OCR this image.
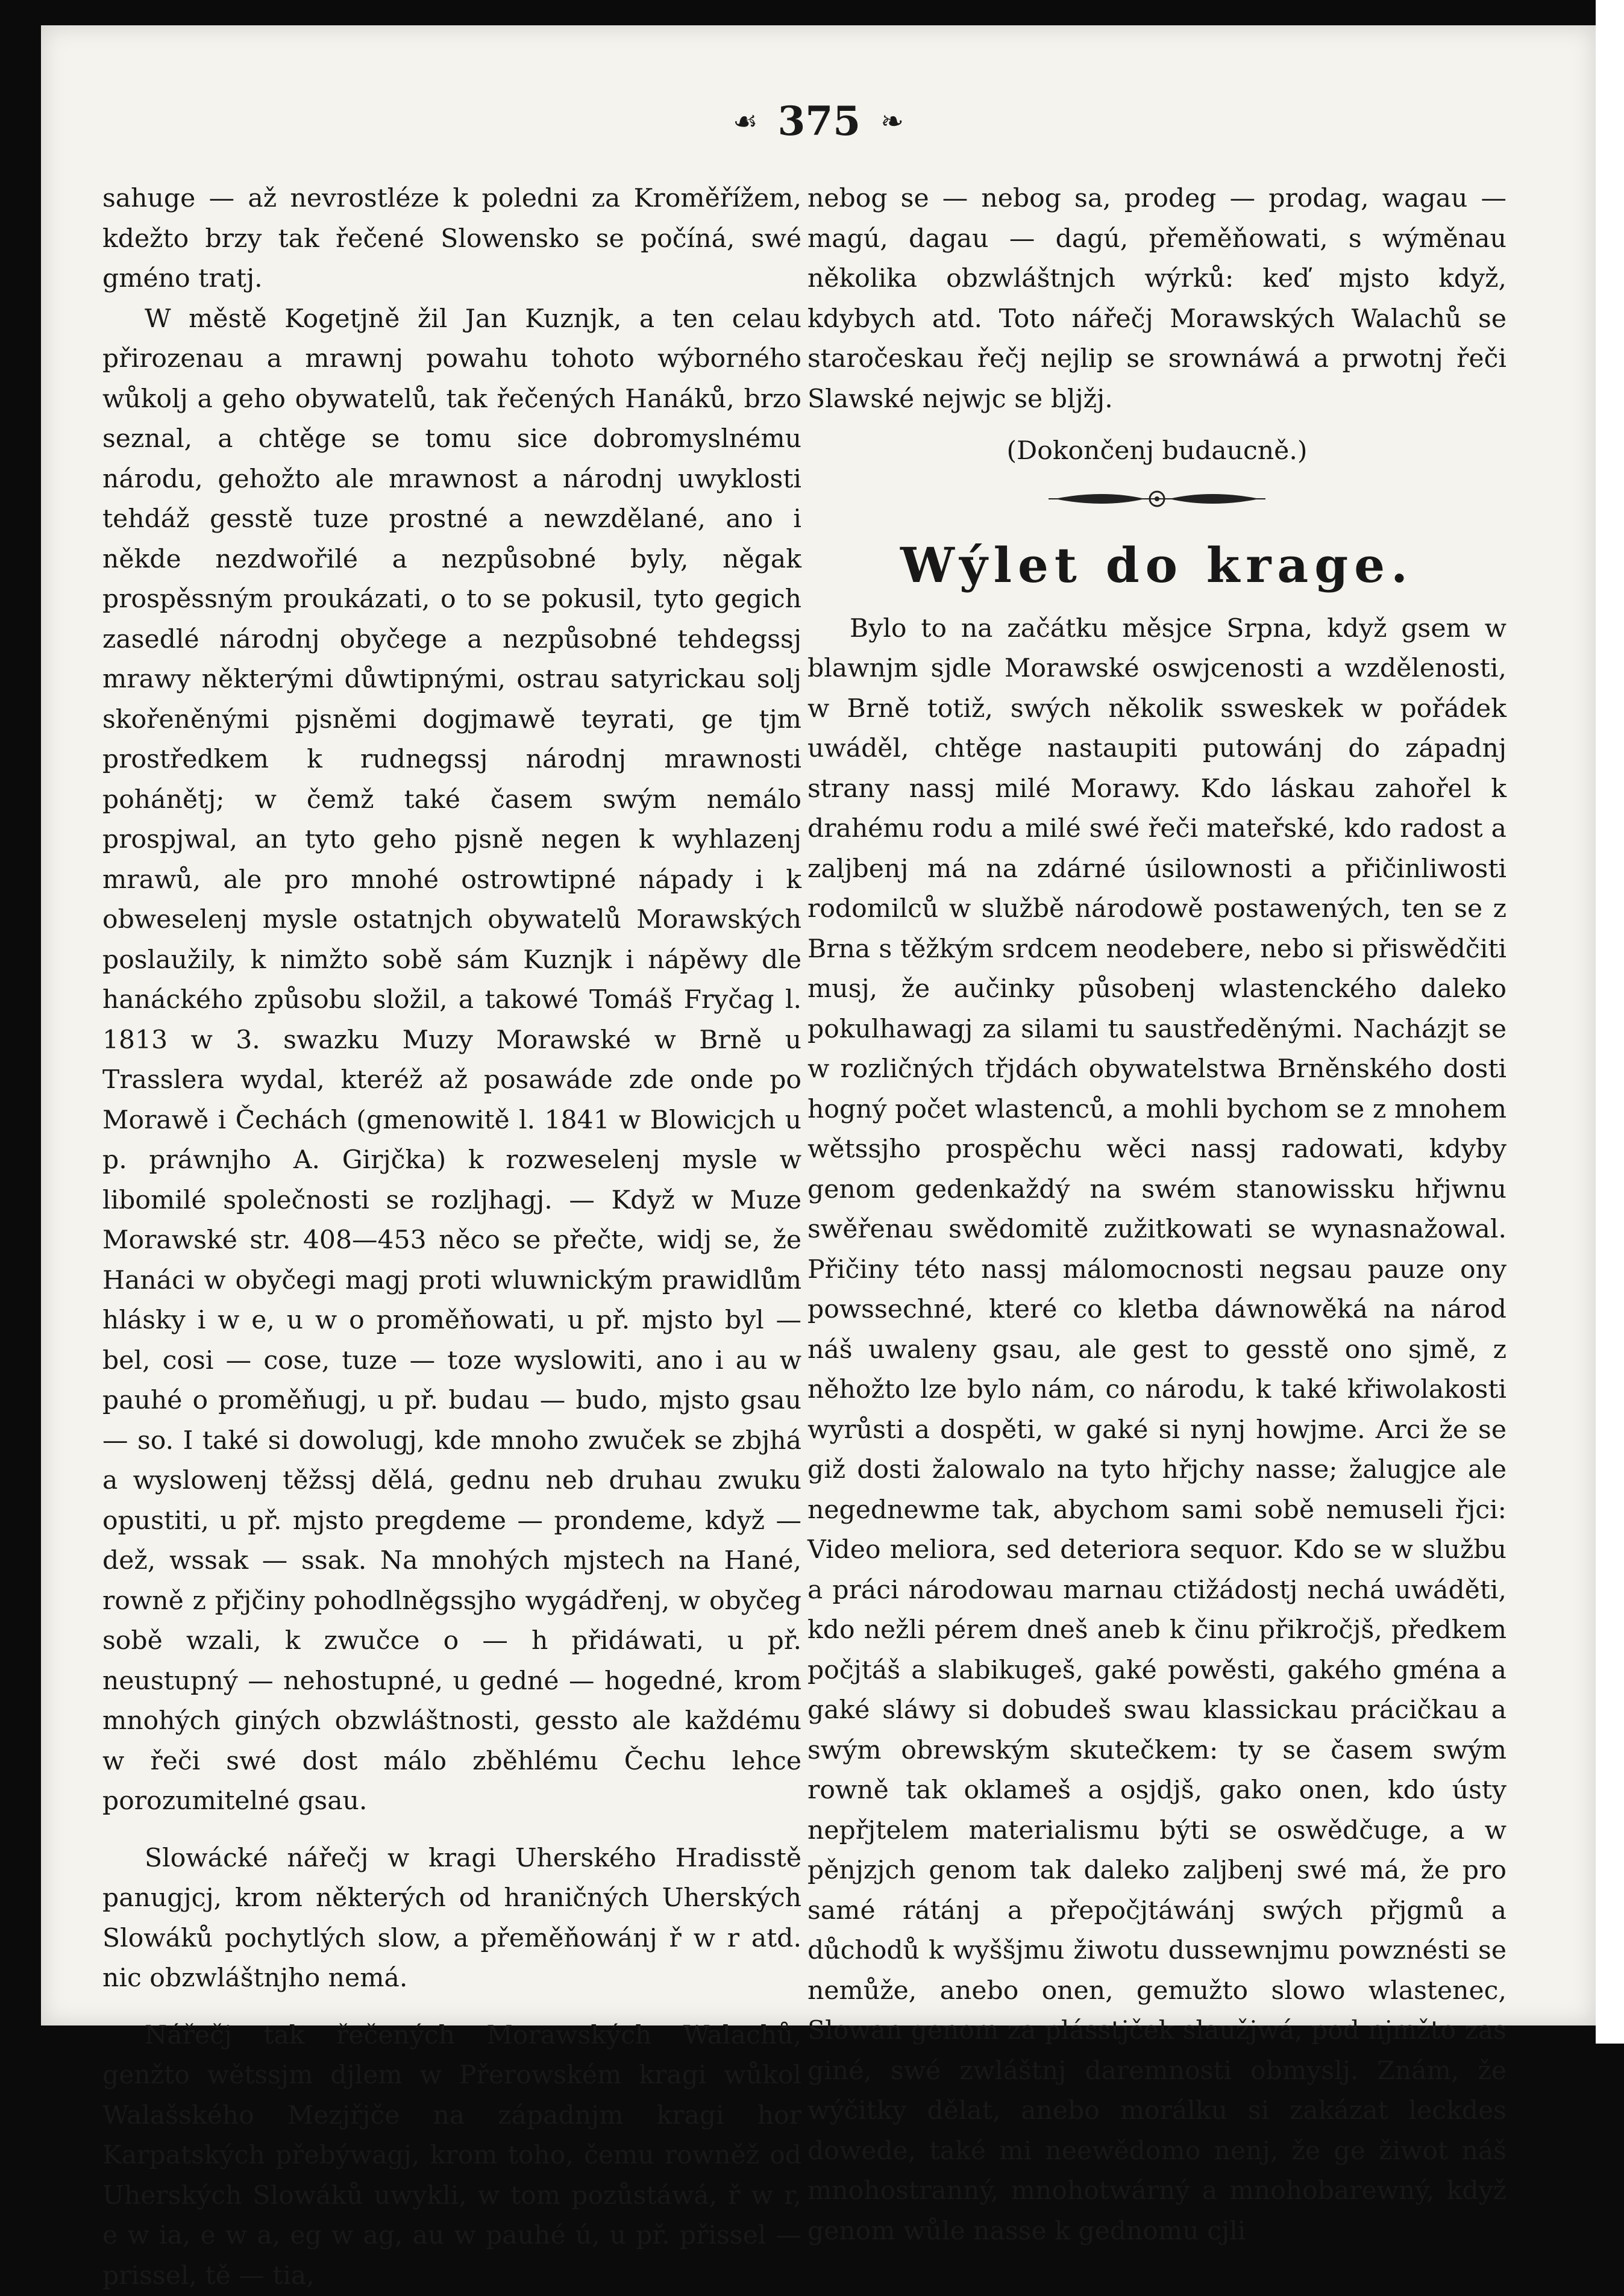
☙ 375 ❧

sahuge — až nevrostléze k poledni za Kroměřížem, kdežto brzy tak řečené Slowensko se počíná, swé gméno tratj.

W městě Kogetjně žil Jan Kuznjk, a ten celau přirozenau a mrawnj powahu tohoto wýborného wůkolj a geho obywatelů, tak řečených Hanáků, brzo seznal, a chtěge se tomu sice dobromyslnému národu, gehožto ale mrawnost a národnj uwyklosti tehdáž gesstě tuze prostné a newzdělané, ano i někde nezdwořilé a nezpůsobné byly, něgak prospěssným proukázati, o to se pokusil, tyto gegich zasedlé národnj obyčege a nezpůsobné tehdegssj mrawy některými důwtipnými, ostrau satyrickau solj skořeněnými pjsněmi dogjmawě teyrati, ge tjm prostředkem k rudnegssj národnj mrawnosti pohánětj; w čemž také časem swým nemálo prospjwal, an tyto geho pjsně negen k wyhlazenj mrawů, ale pro mnohé ostrowtipné nápady i k obweselenj mysle ostatnjch obywatelů Morawských poslaužily, k nimžto sobě sám Kuznjk i nápěwy dle hanáckého způsobu složil, a takowé Tomáš Fryčag l. 1813 w 3. swazku Muzy Morawské w Brně u Trasslera wydal, kteréž až posawáde zde onde po Morawě i Čechách (gmenowitě l. 1841 w Blowicjch u p. práwnjho A. Girjčka) k rozweselenj mysle w libomilé společnosti se rozljhagj. — Když w Muze Morawské str. 408—453 něco se přečte, widj se, že Hanáci w obyčegi magj proti wluwnickým prawidlům hlásky i w e, u w o proměňowati, u př. mjsto byl — bel, cosi — cose, tuze — toze wyslowiti, ano i au w pauhé o proměňugj, u př. budau — budo, mjsto gsau — so. I také si dowolugj, kde mnoho zwuček se zbjhá a wyslowenj těžssj dělá, gednu neb druhau zwuku opustiti, u př. mjsto pregdeme — prondeme, když — dež, wssak — ssak. Na mnohých mjstech na Hané, rowně z přjčiny pohodlněgssjho wygádřenj, w obyčeg sobě wzali, k zwučce o — h přidáwati, u př. neustupný — nehostupné, u gedné — hogedné, krom mnohých giných obzwláštnosti, gesstо ale každému w řeči swé dost málo zběhlému Čechu lehce porozumitelné gsau.

Slowácké nářečj w kragi Uherského Hradisstě panugjcj, krom některých od hraničných Uherských Slowáků pochytlých slow, a přeměňowánj ř w r atd. nic obzwláštnjho nemá.

Nářečj tak řečených Morawských Walachů, genžto wětssjm djlem w Přerowském kragi wůkol Walašského Mezjřjče na západnjm kragi hor Karpatských přebýwagj, krom toho, čemu rowněž od Uherských Slowáků uwykli, w tom pozůstáwá, ř w r, e w ia, e w a, eg w ag, au w pauhé ú, u př. přissel — prissel, tě — tia,

nebog se — nebog sa, prodeg — prodag, wagau — magú, dagau — dagú, přeměňowati, s wýměnau několika obzwláštnjch wýrků: keď mjsto když, kdybych atd. Toto nářečj Morawských Walachů se staročeskau řečj nejlip se srownáwá a prwotnj řeči Slawské nejwjc se bljžj.

(Dokončenj budaucně.)

Wýlet do krage.

Bylo to na začátku měsjce Srpna, když gsem w blawnjm sjdle Morawské oswjcenosti a wzdělenosti, w Brně totiž, swých několik ssweskek w pořádek uwáděl, chtěge nastaupiti putowánj do západnj strany nassj milé Morawy. Kdo láskau zahořel k drahému rodu a milé swé řeči mateřské, kdo radost a zaljbenj má na zdárné úsilownosti a přičinliwosti rodomilců w službě národowě postawených, ten se z Brna s těžkým srdcem neodebere, nebo si přiswědčiti musj, že aučinky působenj wlastenckého daleko pokulhawagj za silami tu saustředěnými. Nacházjt se w rozličných třjdách obywatelstwa Brněnského dosti hogný počet wlastenců, a mohli bychom se z mnohem wětssjho prospěchu wěci nassj radowati, kdyby genom gedenkaždý na swém stanowissku hřjwnu swěřenau swědomitě zužitkowati se wynasnažowal. Přičiny této nassj málomocnosti negsau pauze ony powssechné, které co kletba dáwnowěká na národ náš uwaleny gsau, ale gest to gesstě ono sjmě, z něhožto lze bylo nám, co národu, k také křiwolakosti wyrůsti a dospěti, w gaké si nynj howjme. Arci že se giž dosti žalowalo na tyto hřjchy nasse; žalugjce ale negednewme tak, abychom sami sobě nemuseli řjci: Video meliora, sed deteriora sequor. Kdo se w službu a práci národowau marnau ctižádostj nechá uwáděti, kdo nežli pérem dneš aneb k činu přikročjš, předkem počjtáš a slabikugeš, gaké powěsti, gakého gména a gaké sláwy si dobudeš swau klassickau prácičkau a swým obrewským skutečkem: ty se časem swým rowně tak oklameš a osjdjš, gako onen, kdo ústy nepřjtelem materialismu býti se oswědčuge, a w pěnjzjch genom tak daleko zaljbenj swé má, že pro samé rátánj a přepočjtáwánj swých přjgmů a důchodů k wyššjmu žiwotu dussewnjmu powznésti se nemůže, anebo onen, gemužto slowo wlastenec, Slowan genom za plásstjček slaužjwá, pod njmžto zas giné, swé zwláštnj daremnosti obmyslj. Znám, že wýčitky dělat, anebo morálku si zakázat leckdes dowede, také mi neewědomo nenj, že ge žiwot náš mnohostranný, mnohotwárný a mnohobarewný, když genom wůle nasse k gednomu cjli
